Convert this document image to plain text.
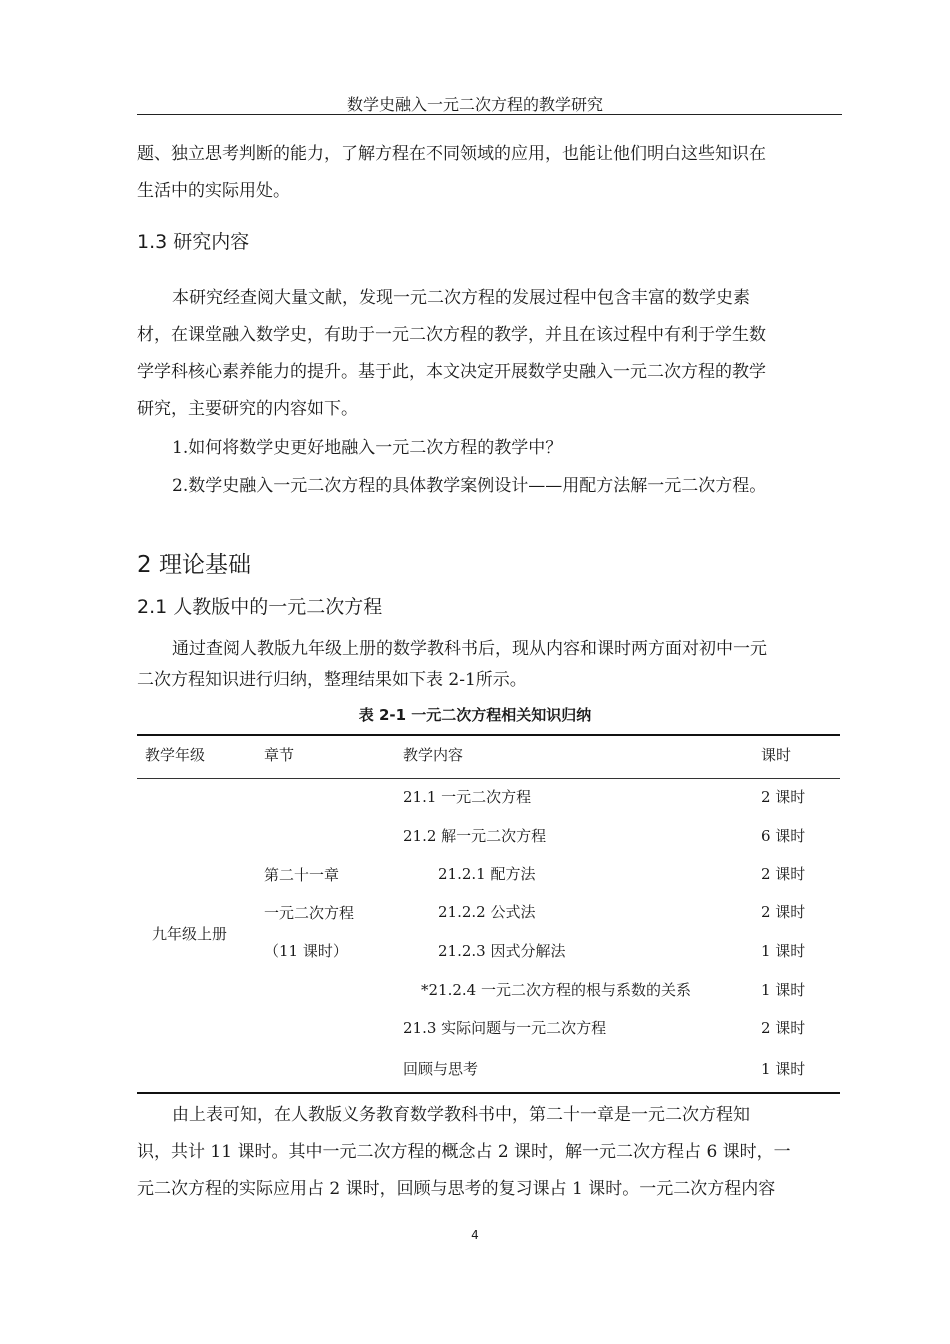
数学史融入一元二次方程的教学研究
题、独立思考判断的能力，了解方程在不同领域的应用，也能让他们明白这些知识在
生活中的实际用处。
1.3 研究内容
本研究经查阅大量文献，发现一元二次方程的发展过程中包含丰富的数学史素
材，在课堂融入数学史，有助于一元二次方程的教学，并且在该过程中有利于学生数
学学科核心素养能力的提升。基于此，本文决定开展数学史融入一元二次方程的教学
研究，主要研究的内容如下。
1.如何将数学史更好地融入一元二次方程的教学中？
2.数学史融入一元二次方程的具体教学案例设计——用配方法解一元二次方程。
2 理论基础
2.1 人教版中的一元二次方程
通过查阅人教版九年级上册的数学教科书后，现从内容和课时两方面对初中一元
二次方程知识进行归纳，整理结果如下表 2-1所示。
表 2-1 一元二次方程相关知识归纳
教学年级	章节	教学内容	课时
九年级上册
第二十一章
一元二次方程
（11 课时）
21.1 一元二次方程	2 课时
21.2 解一元二次方程	6 课时
21.2.1 配方法	2 课时
21.2.2 公式法	2 课时
21.2.3 因式分解法	1 课时
*21.2.4 一元二次方程的根与系数的关系	1 课时
21.3 实际问题与一元二次方程	2 课时
回顾与思考	1 课时
由上表可知，在人教版义务教育数学教科书中，第二十一章是一元二次方程知
识，共计 11 课时。其中一元二次方程的概念占 2 课时，解一元二次方程占 6 课时，一
元二次方程的实际应用占 2 课时，回顾与思考的复习课占 1 课时。一元二次方程内容
4
